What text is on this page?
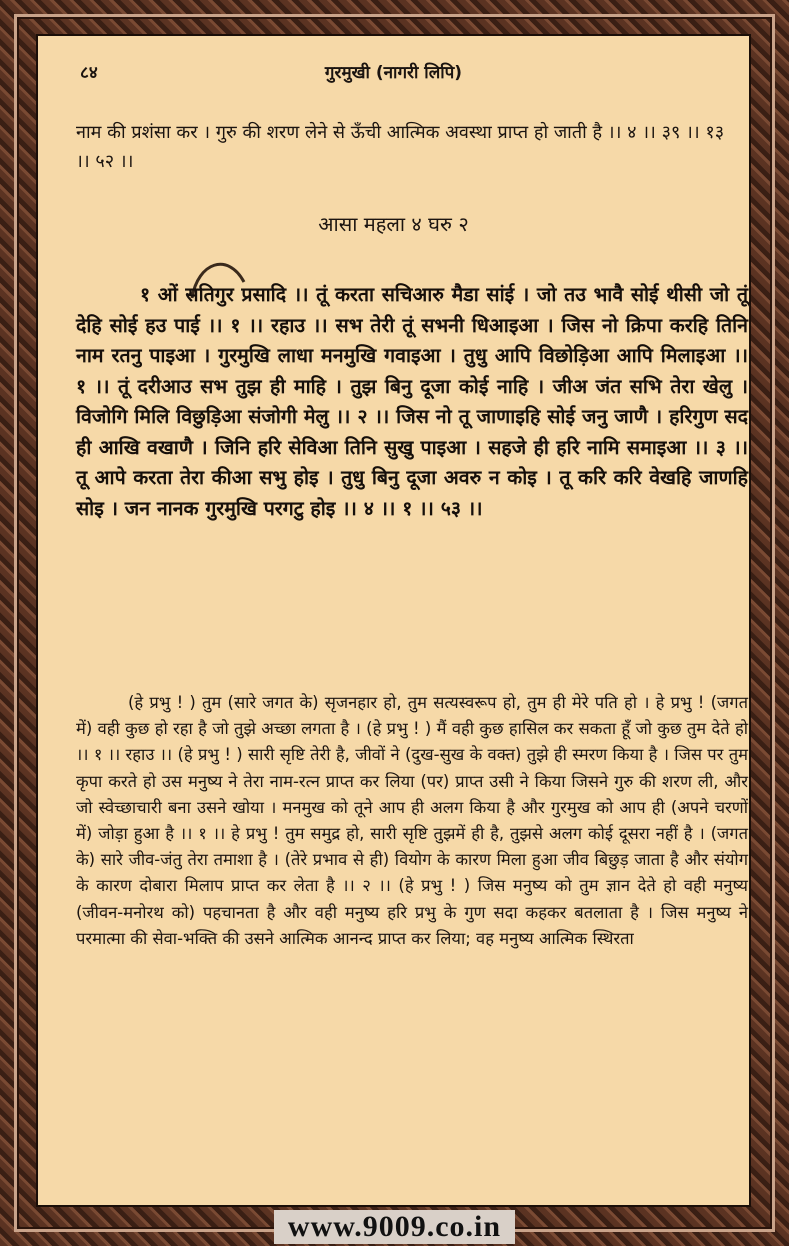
८४	गुरमुखी (नागरी लिपि)
नाम की प्रशंसा कर । गुरु की शरण लेने से ऊँची आत्मिक अवस्था प्राप्त हो जाती है ।। ४ ।। ३९ ।। १३ ।। ५२ ।।
आसा महला ४ घरु २

१ ओं सतिगुर प्रसादि ।। तूं करता सचिआरु मैडा सांई । जो तउ भावै सोई थीसी जो तूं देहि सोई हउ पाई ।। १ ।। रहाउ ।। सभ तेरी तूं सभनी धिआइआ । जिस नो क्रिपा करहि तिनि नाम रतनु पाइआ । गुरमुखि लाधा मनमुखि गवाइआ । तुधु आपि विछोड़िआ आपि मिलाइआ ।। १ ।। तूं दरीआउ सभ तुझ ही माहि । तुझ बिनु दूजा कोई नाहि । जीअ जंत सभि तेरा खेलु । विजोगि मिलि विछुड़िआ संजोगी मेलु ।। २ ।। जिस नो तू जाणाइहि सोई जनु जाणै । हरिगुण सद ही आखि वखाणै । जिनि हरि सेविआ तिनि सुखु पाइआ । सहजे ही हरि नामि समाइआ ।। ३ ।। तू आपे करता तेरा कीआ सभु होइ । तुधु बिनु दूजा अवरु न कोइ । तू करि करि वेखहि जाणहि सोइ । जन नानक गुरमुखि परगटु होइ ।। ४ ।। १ ।। ५३ ।।

(हे प्रभु ! ) तुम (सारे जगत के) सृजनहार हो, तुम सत्यस्वरूप हो, तुम ही मेरे पति हो । हे प्रभु ! (जगत में) वही कुछ हो रहा है जो तुझे अच्छा लगता है । (हे प्रभु ! ) मैं वही कुछ हासिल कर सकता हूँ जो कुछ तुम देते हो ।। १ ।। रहाउ ।। (हे प्रभु ! ) सारी सृष्टि तेरी है, जीवों ने (दुख-सुख के वक्त) तुझे ही स्मरण किया है । जिस पर तुम कृपा करते हो उस मनुष्य ने तेरा नाम-रत्न प्राप्त कर लिया (पर) प्राप्त उसी ने किया जिसने गुरु की शरण ली, और जो स्वेच्छाचारी बना उसने खोया । मनमुख को तूने आप ही अलग किया है और गुरमुख को आप ही (अपने चरणों में) जोड़ा हुआ है ।। १ ।। हे प्रभु ! तुम समुद्र हो, सारी सृष्टि तुझमें ही है, तुझसे अलग कोई दूसरा नहीं है । (जगत के) सारे जीव-जंतु तेरा तमाशा है । (तेरे प्रभाव से ही) वियोग के कारण मिला हुआ जीव बिछुड़ जाता है और संयोग के कारण दोबारा मिलाप प्राप्त कर लेता है ।। २ ।। (हे प्रभु ! ) जिस मनुष्य को तुम ज्ञान देते हो वही मनुष्य (जीवन-मनोरथ को) पहचानता है और वही मनुष्य हरि प्रभु के गुण सदा कहकर बतलाता है । जिस मनुष्य ने परमात्मा की सेवा-भक्ति की उसने आत्मिक आनन्द प्राप्त कर लिया; वह मनुष्य आत्मिक स्थिरता

www.9009.co.in
